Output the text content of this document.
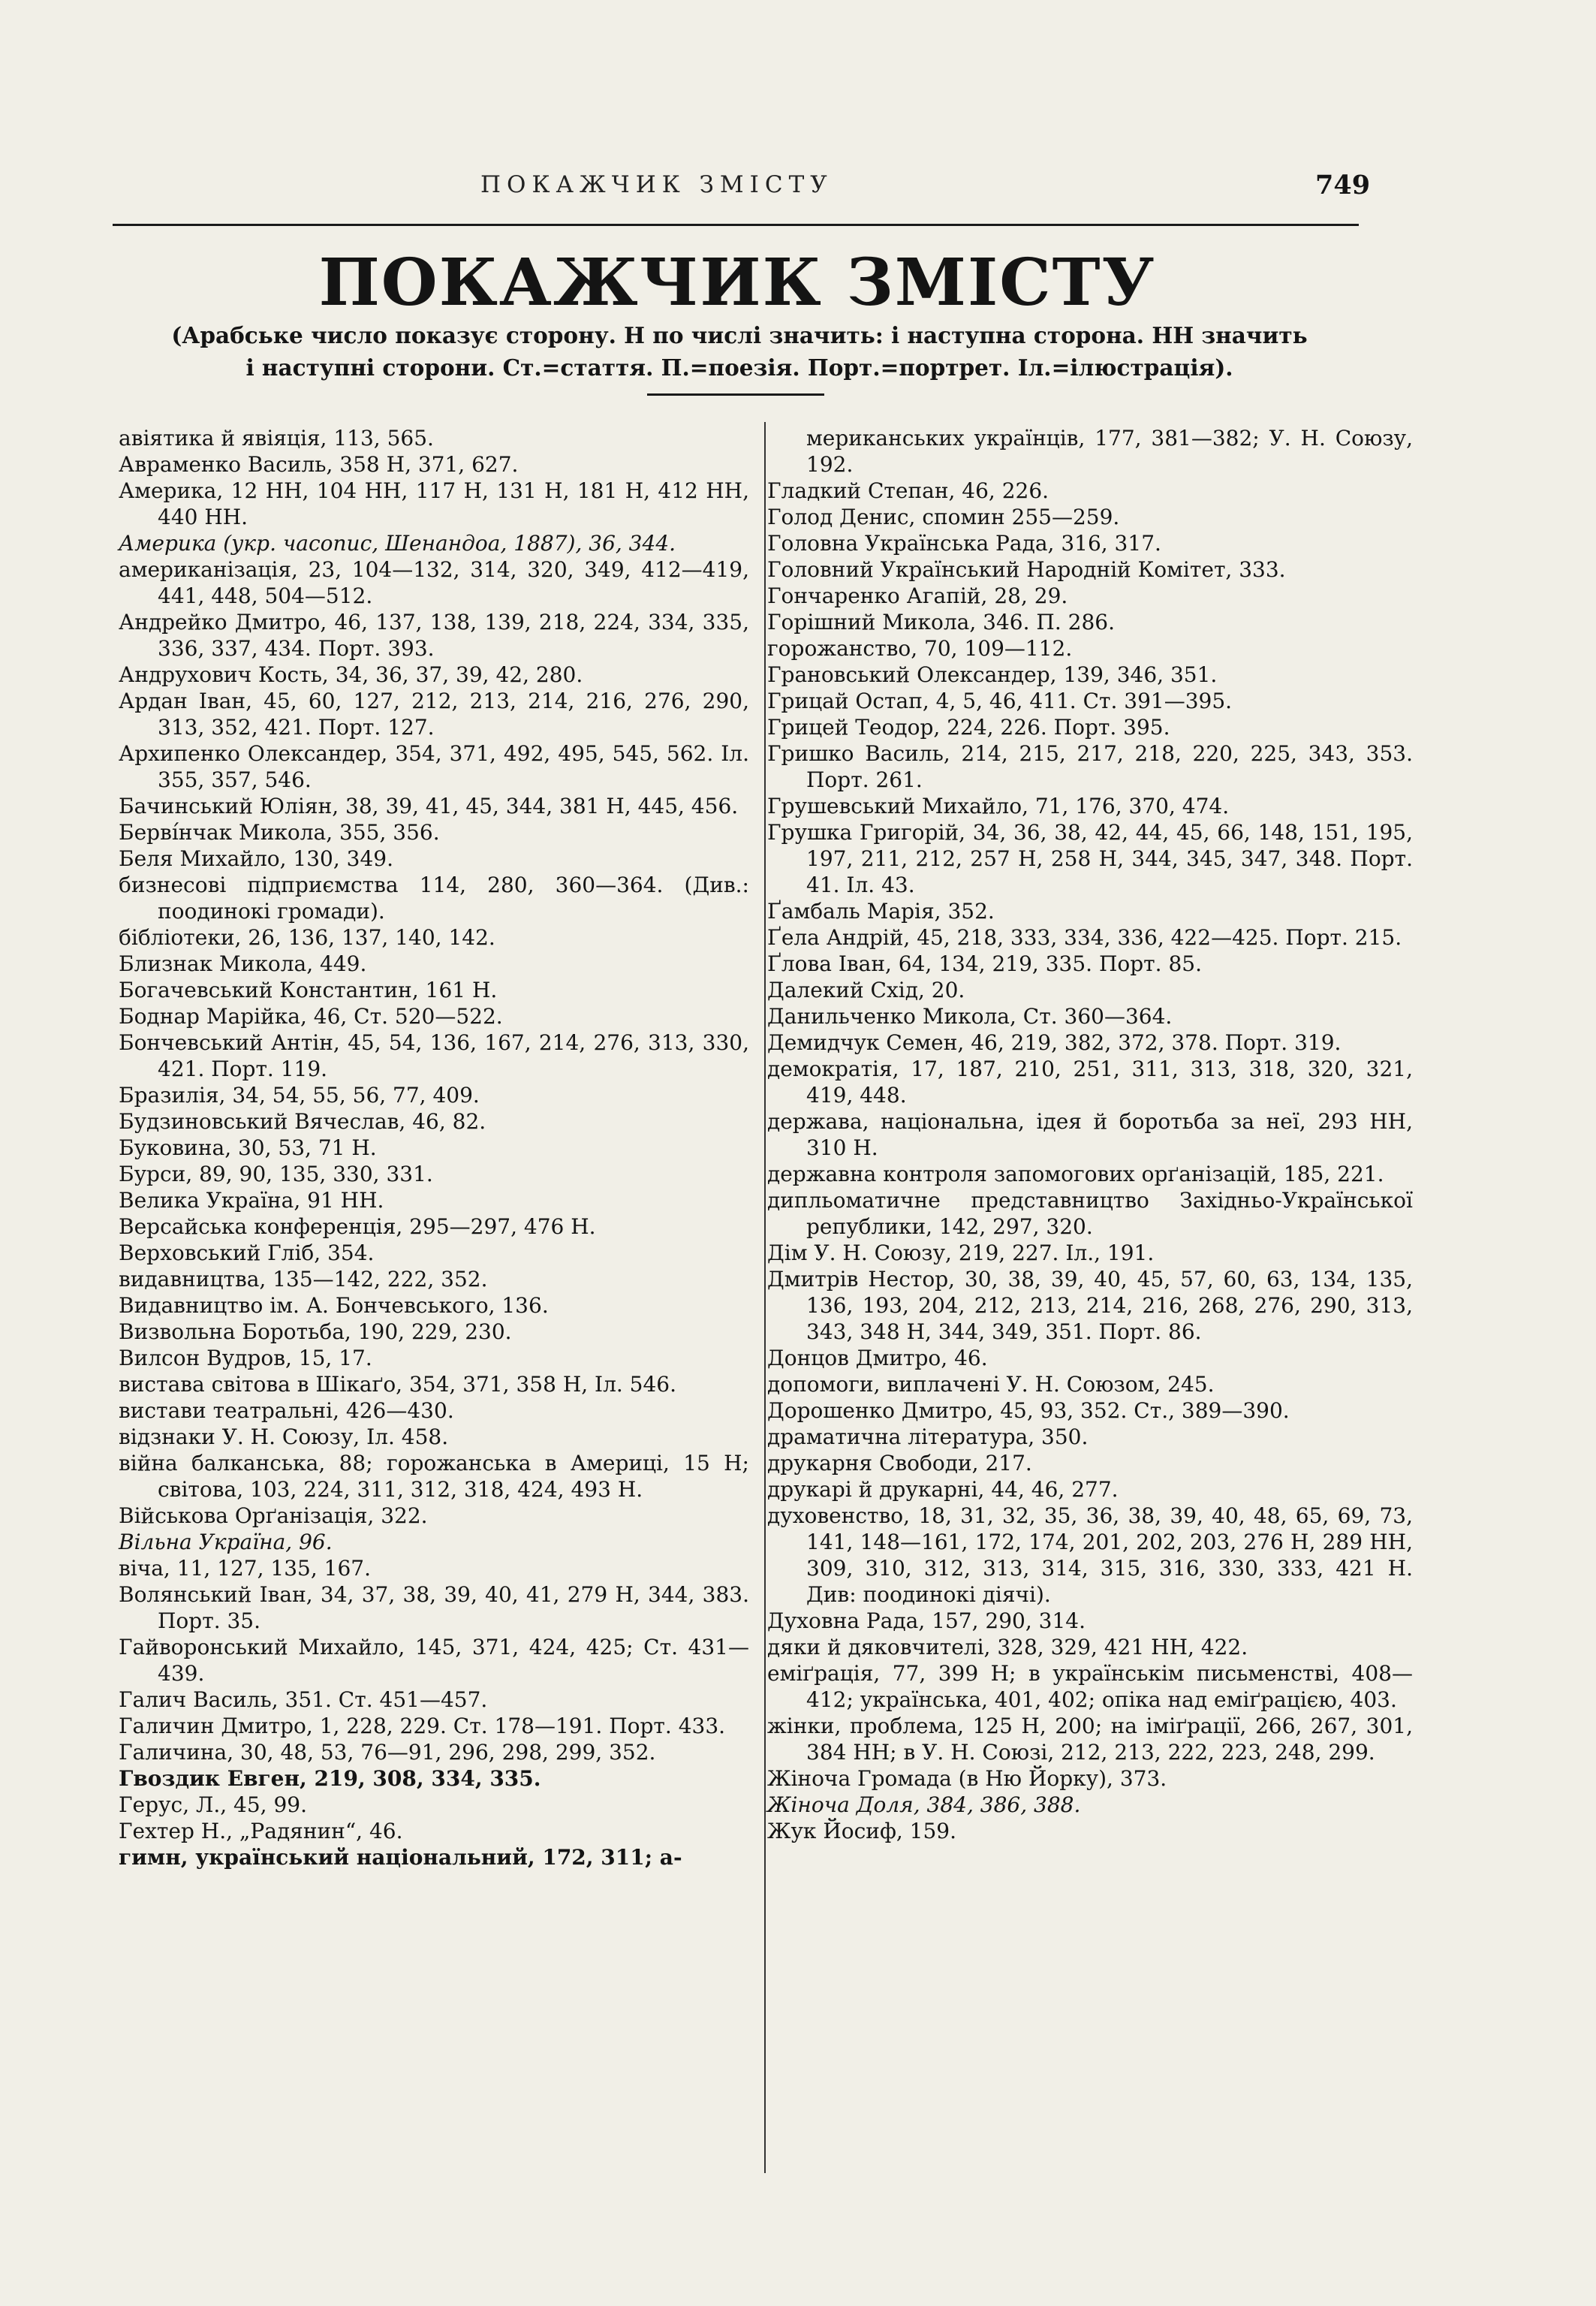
ПОКАЖЧИК ЗМІСТУ	749
ПОКАЖЧИК ЗМІСТУ
(Арабське число показує сторону. Н по числі значить: і наступна сторона. НН значить
і наступні сторони. Ст.=стаття. П.=поезія. Порт.=портрет. Іл.=ілюстрація).

авіятика й явіяція, 113, 565.

Авраменко Василь, 358 Н, 371, 627.

Америка, 12 НН, 104 НН, 117 Н, 131 Н, 181 Н, 412 НН, 440 НН.

Америка (укр. часопис, Шенандоа, 1887), 36, 344.

американізація, 23, 104—132, 314, 320, 349, 412—419, 441, 448, 504—512.

Андрейко Дмитро, 46, 137, 138, 139, 218, 224, 334, 335, 336, 337, 434. Порт. 393.

Андрухович Кость, 34, 36, 37, 39, 42, 280.

Ардан Іван, 45, 60, 127, 212, 213, 214, 216, 276, 290, 313, 352, 421. Порт. 127.

Архипенко Олександер, 354, 371, 492, 495, 545, 562. Іл. 355, 357, 546.

Бачинський Юліян, 38, 39, 41, 45, 344, 381 Н, 445, 456.

Берві́нчак Микола, 355, 356.

Беля Михайло, 130, 349.

бизнесові підприємства 114, 280, 360—364. (Див.: поодинокі громади).

бібліотеки, 26, 136, 137, 140, 142.

Близнак Микола, 449.

Богачевський Константин, 161 Н.

Боднар Марійка, 46, Ст. 520—522.

Бончевський Антін, 45, 54, 136, 167, 214, 276, 313, 330, 421. Порт. 119.

Бразилія, 34, 54, 55, 56, 77, 409.

Будзиновський Вячеслав, 46, 82.

Буковина, 30, 53, 71 Н.

Бурси, 89, 90, 135, 330, 331.

Велика Україна, 91 НН.

Версайська конференція, 295—297, 476 Н.

Верховський Гліб, 354.

видавництва, 135—142, 222, 352.

Видавництво ім. А. Бончевського, 136.

Визвольна Боротьба, 190, 229, 230.

Вилсон Вудров, 15, 17.

вистава світова в Шікаґо, 354, 371, 358 Н, Іл. 546.

вистави театральні, 426—430.

відзнаки У. Н. Союзу, Іл. 458.

війна балканська, 88; горожанська в Америці, 15 Н; світова, 103, 224, 311, 312, 318, 424, 493 Н.

Військова Орґанізація, 322.

Вільна Україна, 96.

віча, 11, 127, 135, 167.

Волянський Іван, 34, 37, 38, 39, 40, 41, 279 Н, 344, 383. Порт. 35.

Гайворонський Михайло, 145, 371, 424, 425; Ст. 431—439.

Галич Василь, 351. Ст. 451—457.

Галичин Дмитро, 1, 228, 229. Ст. 178—191. Порт. 433.

Галичина, 30, 48, 53, 76—91, 296, 298, 299, 352.

Гвоздик Евген, 219, 308, 334, 335.

Герус, Л., 45, 99.

Гехтер Н., „Радянин“, 46.

гимн, український національний, 172, 311; а-

мериканських українців, 177, 381—382; У. Н. Союзу, 192.

Гладкий Степан, 46, 226.

Голод Денис, спомин 255—259.

Головна Українська Рада, 316, 317.

Головний Український Народній Комітет, 333.

Гончаренко Агапій, 28, 29.

Горішний Микола, 346. П. 286.

горожанство, 70, 109—112.

Грановський Олександер, 139, 346, 351.

Грицай Остап, 4, 5, 46, 411. Ст. 391—395.

Грицей Теодор, 224, 226. Порт. 395.

Гришко Василь, 214, 215, 217, 218, 220, 225, 343, 353. Порт. 261.

Грушевський Михайло, 71, 176, 370, 474.

Грушка Григорій, 34, 36, 38, 42, 44, 45, 66, 148, 151, 195, 197, 211, 212, 257 Н, 258 Н, 344, 345, 347, 348. Порт. 41. Іл. 43.

Ґамбаль Марія, 352.

Ґела Андрій, 45, 218, 333, 334, 336, 422—425. Порт. 215.

Ґлова Іван, 64, 134, 219, 335. Порт. 85.

Далекий Схід, 20.

Данильченко Микола, Ст. 360—364.

Демидчук Семен, 46, 219, 382, 372, 378. Порт. 319.

демократія, 17, 187, 210, 251, 311, 313, 318, 320, 321, 419, 448.

держава, національна, ідея й боротьба за неї, 293 НН, 310 Н.

державна контроля запомогових орґанізацій, 185, 221.

дипльоматичне представництво Західньо-Української републики, 142, 297, 320.

Дім У. Н. Союзу, 219, 227. Іл., 191.

Дмитрів Нестор, 30, 38, 39, 40, 45, 57, 60, 63, 134, 135, 136, 193, 204, 212, 213, 214, 216, 268, 276, 290, 313, 343, 348 Н, 344, 349, 351. Порт. 86.

Донцов Дмитро, 46.

допомоги, виплачені У. Н. Союзом, 245.

Дорошенко Дмитро, 45, 93, 352. Ст., 389—390.

драматична література, 350.

друкарня Свободи, 217.

друкарі й друкарні, 44, 46, 277.

духовенство, 18, 31, 32, 35, 36, 38, 39, 40, 48, 65, 69, 73, 141, 148—161, 172, 174, 201, 202, 203, 276 Н, 289 НН, 309, 310, 312, 313, 314, 315, 316, 330, 333, 421 Н. Див: поодинокі діячі).

Духовна Рада, 157, 290, 314.

дяки й дяковчителі, 328, 329, 421 НН, 422.

еміґрація, 77, 399 Н; в українськім письменстві, 408—412; українська, 401, 402; опіка над еміґрацією, 403.

жінки, проблема, 125 Н, 200; на іміґрації, 266, 267, 301, 384 НН; в У. Н. Союзі, 212, 213, 222, 223, 248, 299.

Жіноча Громада (в Ню Йорку), 373.

Жіноча Доля, 384, 386, 388.

Жук Йосиф, 159.
